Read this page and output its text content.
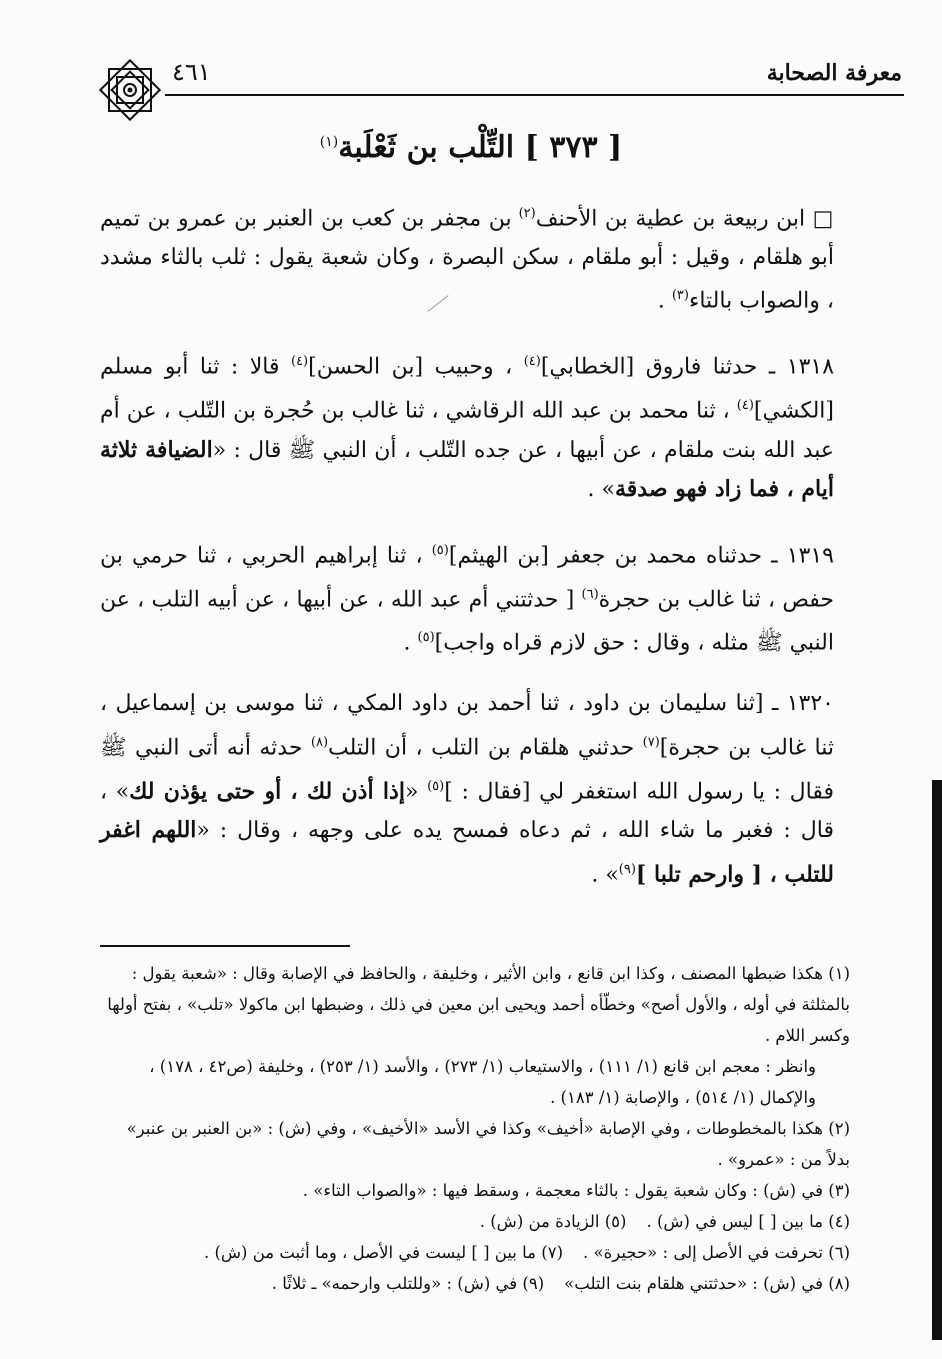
معرفة الصحابة
٤٦١
[ ٣٧٣ ] التِّلْب بن ثَعْلَبة$^{(١)}$

□ ابن ربيعة بن عطية بن الأحنف$^{(٢)}$ بن مجفر بن كعب بن العنبر بن عمرو بن تميم أبو هلقام ، وقيل : أبو ملقام ، سكن البصرة ، وكان شعبة يقول : ثلب بالثاء مشدد ، والصواب بالتاء$^{(٣)}$ .

١٣١٨ ـ حدثنا فاروق [الخطابي]$^{(٤)}$ ، وحبيب [بن الحسن]$^{(٤)}$ قالا : ثنا أبو مسلم [الكشي]$^{(٤)}$ ، ثنا محمد بن عبد الله الرقاشي ، ثنا غالب بن حُجرة بن التّلب ، عن أم عبد الله بنت ملقام ، عن أبيها ، عن جده التّلب ، أن النبي ﷺ قال : «الضيافة ثلاثة أيام ، فما زاد فهو صدقة» .

١٣١٩ ـ حدثناه محمد بن جعفر [بن الهيثم]$^{(٥)}$ ، ثنا إبراهيم الحربي ، ثنا حرمي بن حفص ، ثنا غالب بن حجرة$^{(٦)}$ [ حدثتني أم عبد الله ، عن أبيها ، عن أبيه التلب ، عن النبي ﷺ مثله ، وقال : حق لازم قراه واجب]$^{(٥)}$ .

١٣٢٠ ـ [ثنا سليمان بن داود ، ثنا أحمد بن داود المكي ، ثنا موسى بن إسماعيل ، ثنا غالب بن حجرة]$^{(٧)}$ حدثني هلقام بن التلب ، أن التلب$^{(٨)}$ حدثه أنه أتى النبي ﷺ فقال : يا رسول الله استغفر لي [فقال : ]$^{(٥)}$ «إذا أذن لك ، أو حتى يؤذن لك» ، قال : فغبر ما شاء الله ، ثم دعاه فمسح يده على وجهه ، وقال : «اللهم اغفر للتلب ، [ وارحم تلبا ]$^{(٩)}$» .

(١) هكذا ضبطها المصنف ، وكذا ابن قانع ، وابن الأثير ، وخليفة ، والحافظ في الإصابة وقال : «شعبة يقول : بالمثلثة في أوله ، والأول أصح» وخطّأه أحمد ويحيى ابن معين في ذلك ، وضبطها ابن ماكولا «تلب» ، بفتح أولها وكسر اللام .

وانظر : معجم ابن قانع (١/ ١١١) ، والاستيعاب (١/ ٢٧٣) ، والأسد (١/ ٢٥٣) ، وخليفة (ص٤٢ ، ١٧٨) ، والإكمال (١/ ٥١٤) ، والإصابة (١/ ١٨٣) .

(٢) هكذا بالمخطوطات ، وفي الإصابة «أخيف» وكذا في الأسد «الأخيف» ، وفي (ش) : «بن العنبر بن عنبر» بدلاً من : «عمرو» .

(٣) في (ش) : وكان شعبة يقول : بالثاء معجمة ، وسقط فيها : «والصواب التاء» .

(٤) ما بين [ ] ليس في (ش) .
(٥) الزيادة من (ش) .
(٦) تحرفت في الأصل إلى : «حجيرة» .
(٧) ما بين [ ] ليست في الأصل ، وما أثبت من (ش) .
(٨) في (ش) : «حدثتني هلقام بنت التلب»
(٩) في (ش) : «وللتلب وارحمه» ـ ثلاثًا .
